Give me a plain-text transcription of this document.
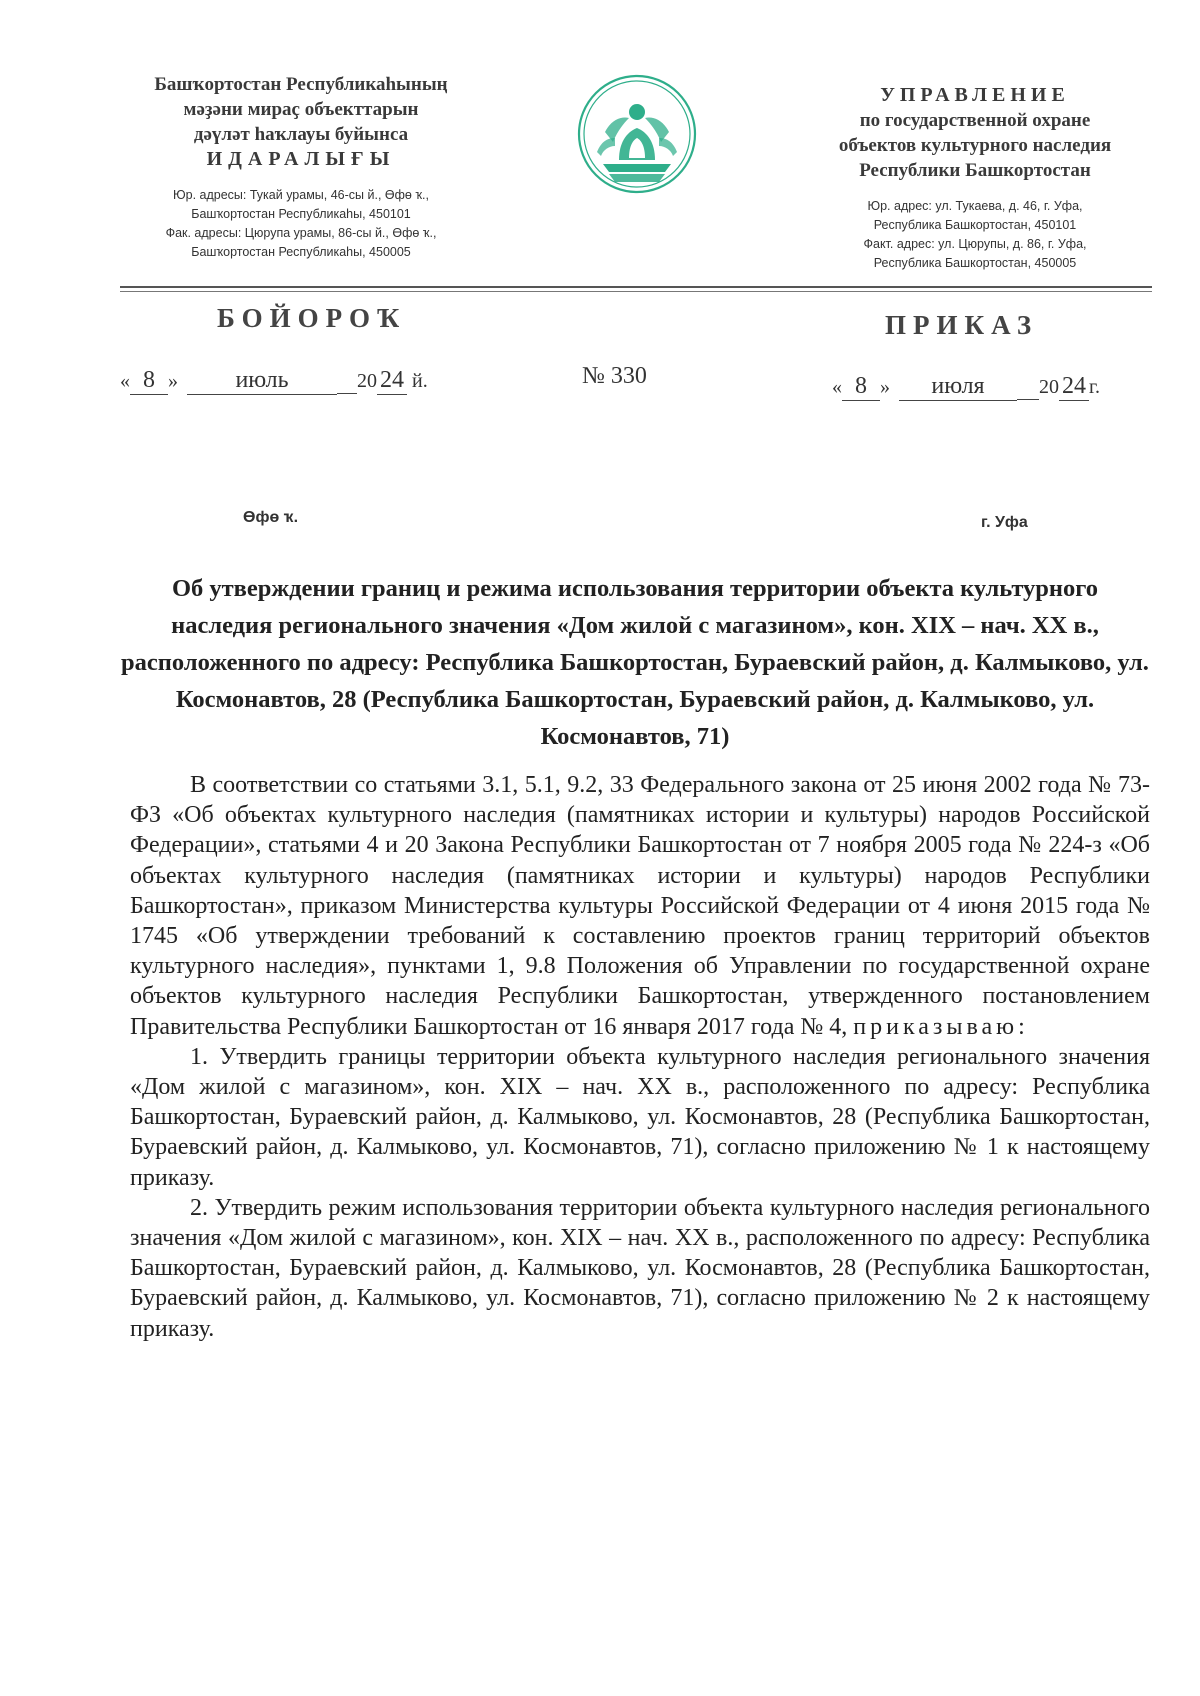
Башҡортостан Республикаһының
мәҙәни мираҫ объекттарын
дәүләт һаҡлауы буйынса
ИДАРАЛЫҒЫ
Юр. адресы: Тукай урамы, 46-сы й., Өфө ҡ.,
Башҡортостан Республикаһы, 450101
Фак. адресы: Цюрупа урамы, 86-сы й., Өфө ҡ.,
Башҡортостан Республикаһы, 450005
УПРАВЛЕНИЕ
по государственной охране
объектов культурного наследия
Республики Башкортостан
Юр. адрес: ул. Тукаева, д. 46, г. Уфа,
Республика Башкортостан, 450101
Факт. адрес: ул. Цюрупы, д. 86, г. Уфа,
Республика Башкортостан, 450005
БОЙОРОҠ	ПРИКАЗ
« 8 » июль	20 24 й.	№ 330	« 8 » июля	20 24 г.
Өфө ҡ.	г. Уфа
Об утверждении границ и режима использования территории объекта культурного наследия регионального значения «Дом жилой с магазином», кон. XIX – нач. XX в., расположенного по адресу: Республика Башкортостан, Бураевский район, д. Калмыково, ул. Космонавтов, 28 (Республика Башкортостан, Бураевский район, д. Калмыково, ул. Космонавтов, 71)

В соответствии со статьями 3.1, 5.1, 9.2, 33 Федерального закона от 25 июня 2002 года № 73-ФЗ «Об объектах культурного наследия (памятниках истории и культуры) народов Российской Федерации», статьями 4 и 20 Закона Республики Башкортостан от 7 ноября 2005 года № 224-з «Об объектах культурного наследия (памятниках истории и культуры) народов Республики Башкортостан», приказом Министерства культуры Российской Федерации от 4 июня 2015 года № 1745 «Об утверждении требований к составлению проектов границ территорий объектов культурного наследия», пунктами 1, 9.8 Положения об Управлении по государственной охране объектов культурного наследия Республики Башкортостан, утвержденного постановлением Правительства Республики Башкортостан от 16 января 2017 года № 4, приказываю:

1. Утвердить границы территории объекта культурного наследия регионального значения «Дом жилой с магазином», кон. XIX – нач. XX в., расположенного по адресу: Республика Башкортостан, Бураевский район, д. Калмыково, ул. Космонавтов, 28 (Республика Башкортостан, Бураевский район, д. Калмыково, ул. Космонавтов, 71), согласно приложению № 1 к настоящему приказу.

2. Утвердить режим использования территории объекта культурного наследия регионального значения «Дом жилой с магазином», кон. XIX – нач. XX в., расположенного по адресу: Республика Башкортостан, Бураевский район, д. Калмыково, ул. Космонавтов, 28 (Республика Башкортостан, Бураевский район, д. Калмыково, ул. Космонавтов, 71), согласно приложению № 2 к настоящему приказу.
